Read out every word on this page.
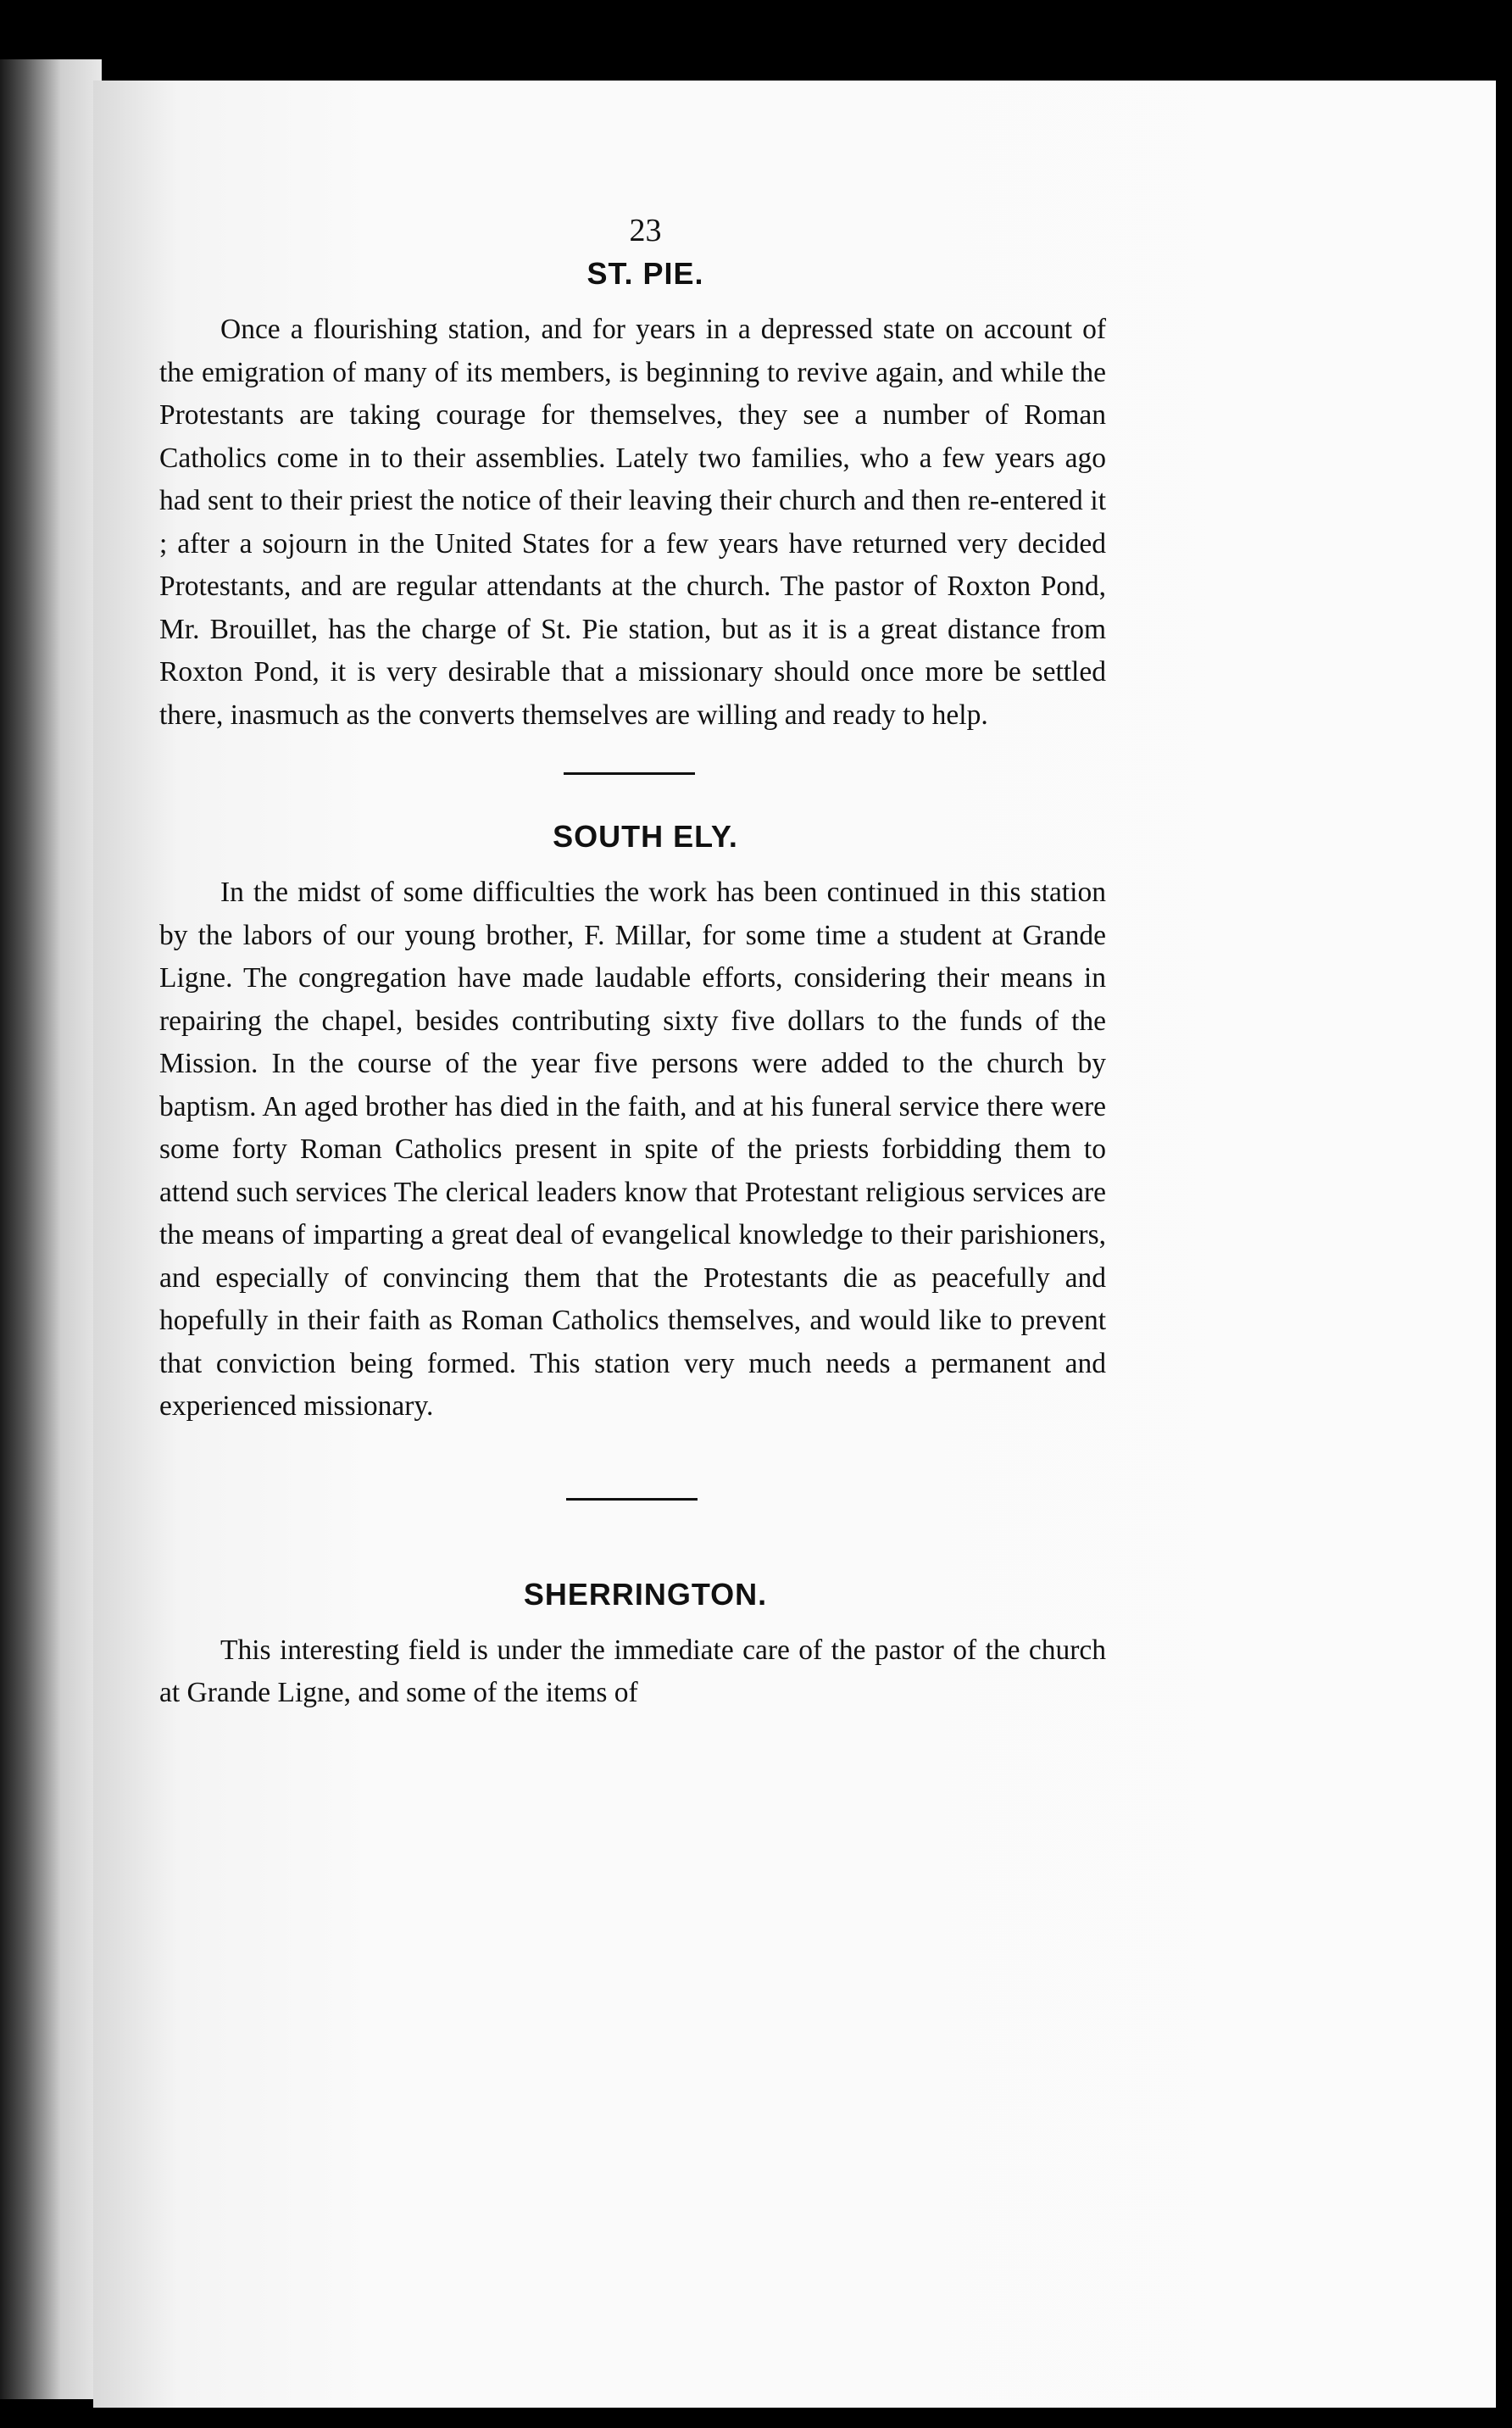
23
ST. PIE.

Once a flourishing station, and for years in a depressed state on account of the emigration of many of its members, is beginning to revive again, and while the Protestants are taking courage for themselves, they see a number of Roman Catholics come in to their assemblies. Lately two families, who a few years ago had sent to their priest the notice of their leaving their church and then re-entered it ; after a sojourn in the United States for a few years have returned very decided Protestants, and are regular attendants at the church. The pastor of Roxton Pond, Mr. Brouillet, has the charge of St. Pie station, but as it is a great distance from Roxton Pond, it is very desirable that a missionary should once more be settled there, inasmuch as the converts themselves are willing and ready to help.

SOUTH ELY.

In the midst of some difficulties the work has been continued in this station by the labors of our young brother, F. Millar, for some time a student at Grande Ligne. The congregation have made laudable efforts, considering their means in repairing the chapel, besides contributing sixty five dollars to the funds of the Mission. In the course of the year five persons were added to the church by baptism. An aged brother has died in the faith, and at his funeral service there were some forty Roman Catholics present in spite of the priests forbidding them to attend such services The clerical leaders know that Protestant religious services are the means of imparting a great deal of evangelical knowledge to their parishioners, and especially of convincing them that the Protestants die as peacefully and hopefully in their faith as Roman Catholics themselves, and would like to prevent that conviction being formed. This station very much needs a permanent and experienced missionary.

SHERRINGTON.

This interesting field is under the immediate care of the pastor of the church at Grande Ligne, and some of the items of
